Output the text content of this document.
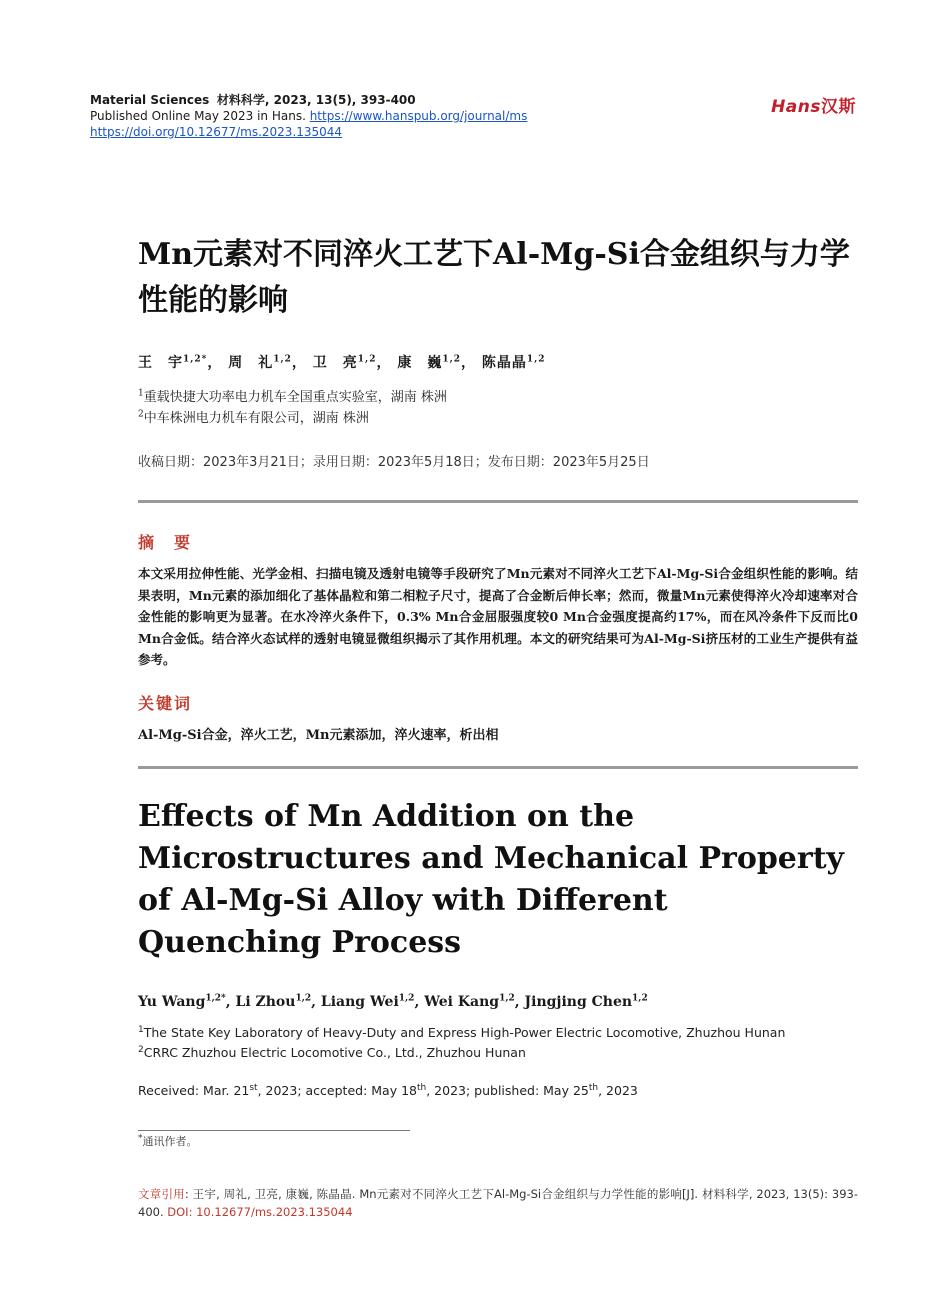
Material Sciences 材料科学, 2023, 13(5), 393-400
Published Online May 2023 in Hans. https://www.hanspub.org/journal/ms
https://doi.org/10.12677/ms.2023.135044
Hans汉斯
Mn元素对不同淬火工艺下Al-Mg-Si合金组织与力学性能的影响
王　宇$^{1,2*}$， 周　礼$^{1,2}$， 卫　亮$^{1,2}$， 康　巍$^{1,2}$， 陈晶晶$^{1,2}$
$^1$重载快捷大功率电力机车全国重点实验室，湖南 株洲
$^2$中车株洲电力机车有限公司，湖南 株洲
收稿日期：2023年3月21日；录用日期：2023年5月18日；发布日期：2023年5月25日
摘　要
本文采用拉伸性能、光学金相、扫描电镜及透射电镜等手段研究了Mn元素对不同淬火工艺下Al-Mg-Si合金组织性能的影响。结果表明，Mn元素的添加细化了基体晶粒和第二相粒子尺寸，提高了合金断后伸长率；然而，微量Mn元素使得淬火冷却速率对合金性能的影响更为显著。在水冷淬火条件下，0.3% Mn合金屈服强度较0 Mn合金强度提高约17%，而在风冷条件下反而比0 Mn合金低。结合淬火态试样的透射电镜显微组织揭示了其作用机理。本文的研究结果可为Al-Mg-Si挤压材的工业生产提供有益参考。
关键词
Al-Mg-Si合金，淬火工艺，Mn元素添加，淬火速率，析出相
Effects of Mn Addition on the Microstructures and Mechanical Property of Al-Mg-Si Alloy with Different Quenching Process
Yu Wang$^{1,2*}$, Li Zhou$^{1,2}$, Liang Wei$^{1,2}$, Wei Kang$^{1,2}$, Jingjing Chen$^{1,2}$
$^1$The State Key Laboratory of Heavy-Duty and Express High-Power Electric Locomotive, Zhuzhou Hunan
$^2$CRRC Zhuzhou Electric Locomotive Co., Ltd., Zhuzhou Hunan
Received: Mar. 21st, 2023; accepted: May 18th, 2023; published: May 25th, 2023
*通讯作者。
文章引用: 王宇, 周礼, 卫亮, 康巍, 陈晶晶. Mn元素对不同淬火工艺下Al-Mg-Si合金组织与力学性能的影响[J]. 材料科学, 2023, 13(5): 393-400. DOI: 10.12677/ms.2023.135044
